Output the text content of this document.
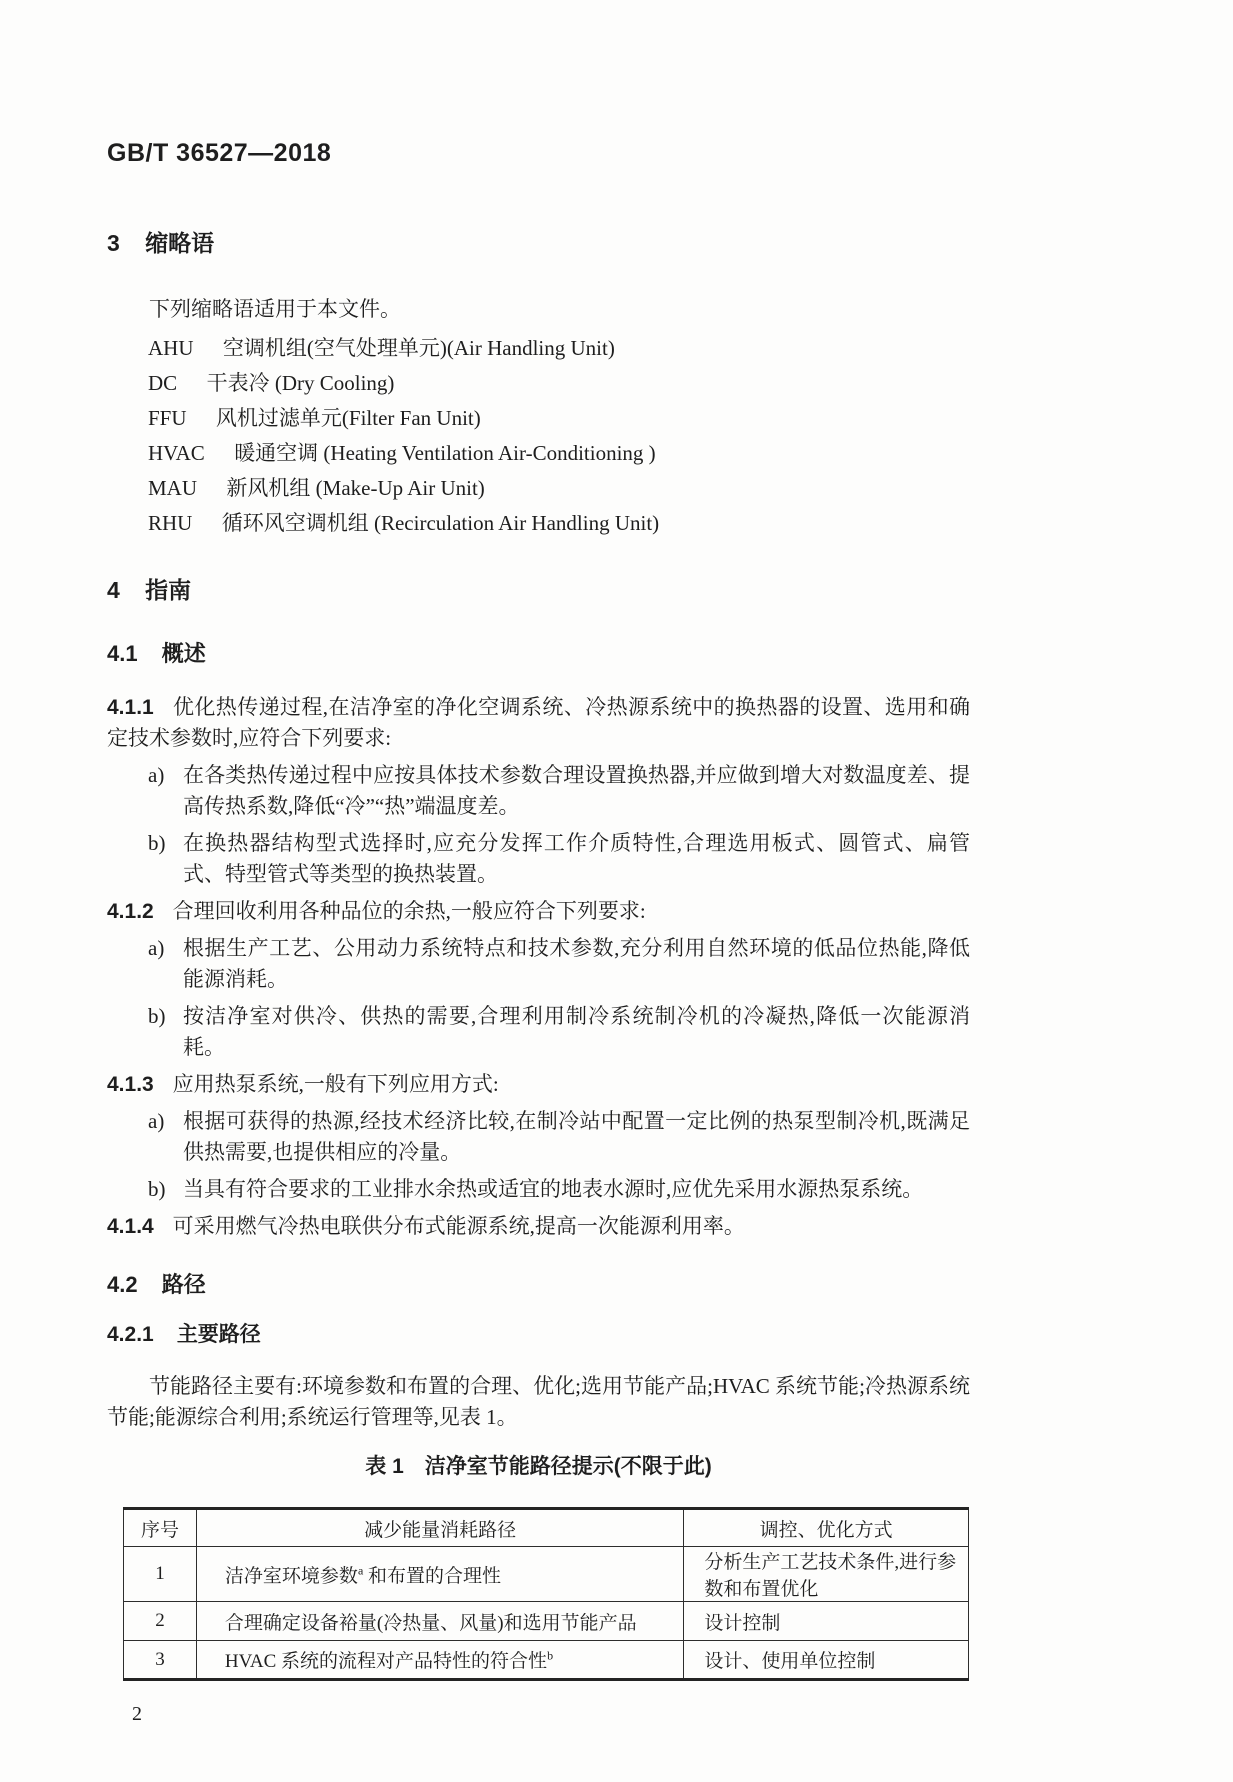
GB/T 36527—2018
3 缩略语

下列缩略语适用于本文件。

AHU 空调机组(空气处理单元)(Air Handling Unit)
DC 干表冷 (Dry Cooling)
FFU 风机过滤单元(Filter Fan Unit)
HVAC 暖通空调 (Heating Ventilation Air-Conditioning )
MAU 新风机组 (Make-Up Air Unit)
RHU 循环风空调机组 (Recirculation Air Handling Unit)
4 指南
4.1 概述

4.1.1 优化热传递过程,在洁净室的净化空调系统、冷热源系统中的换热器的设置、选用和确定技术参数时,应符合下列要求:

a) 在各类热传递过程中应按具体技术参数合理设置换热器,并应做到增大对数温度差、提高传热系数,降低“冷”“热”端温度差。

b) 在换热器结构型式选择时,应充分发挥工作介质特性,合理选用板式、圆管式、扁管式、特型管式等类型的换热装置。

4.1.2 合理回收利用各种品位的余热,一般应符合下列要求:

a) 根据生产工艺、公用动力系统特点和技术参数,充分利用自然环境的低品位热能,降低能源消耗。

b) 按洁净室对供冷、供热的需要,合理利用制冷系统制冷机的冷凝热,降低一次能源消耗。

4.1.3 应用热泵系统,一般有下列应用方式:

a) 根据可获得的热源,经技术经济比较,在制冷站中配置一定比例的热泵型制冷机,既满足供热需要,也提供相应的冷量。

b) 当具有符合要求的工业排水余热或适宜的地表水源时,应优先采用水源热泵系统。

4.1.4 可采用燃气冷热电联供分布式能源系统,提高一次能源利用率。

4.2 路径
4.2.1 主要路径

节能路径主要有:环境参数和布置的合理、优化;选用节能产品;HVAC 系统节能;冷热源系统节能;能源综合利用;系统运行管理等,见表 1。

表 1 洁净室节能路径提示(不限于此)
序号	减少能量消耗路径	调控、优化方式
1	洁净室环境参数$^a$ 和布置的合理性	分析生产工艺技术条件,进行参数和布置优化
2	合理确定设备裕量(冷热量、风量)和选用节能产品	设计控制
3	HVAC 系统的流程对产品特性的符合性$^b$	设计、使用单位控制
2
